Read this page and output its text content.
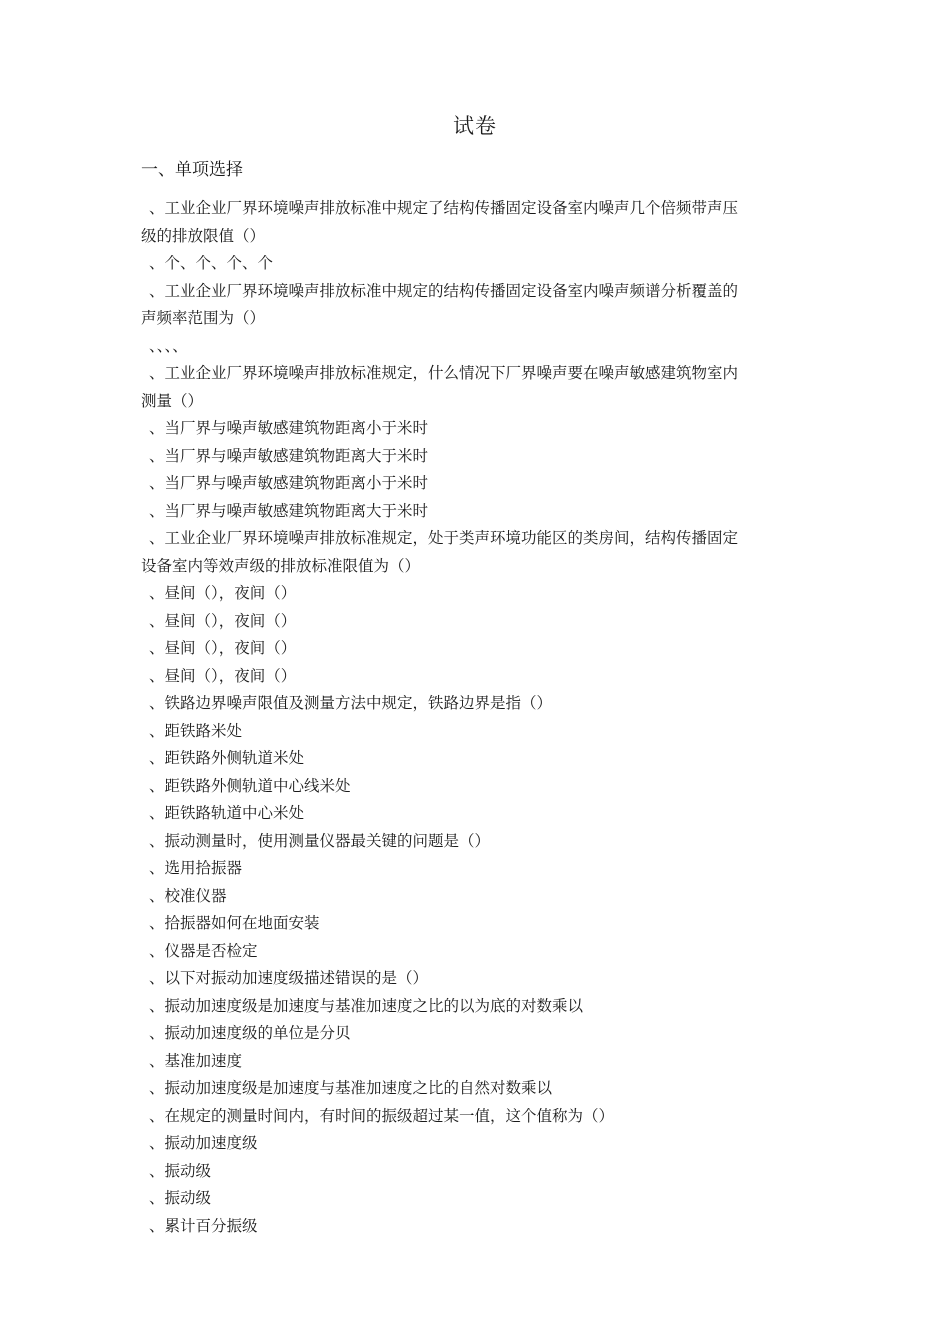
试卷
一、单项选择

、工业企业厂界环境噪声排放标准中规定了结构传播固定设备室内噪声几个倍频带声压

级的排放限值（）

、个、个、个、个

、工业企业厂界环境噪声排放标准中规定的结构传播固定设备室内噪声频谱分析覆盖的

声频率范围为（）

、、、、

、工业企业厂界环境噪声排放标准规定，什么情况下厂界噪声要在噪声敏感建筑物室内

测量（）

、当厂界与噪声敏感建筑物距离小于米时

、当厂界与噪声敏感建筑物距离大于米时

、当厂界与噪声敏感建筑物距离小于米时

、当厂界与噪声敏感建筑物距离大于米时

、工业企业厂界环境噪声排放标准规定，处于类声环境功能区的类房间，结构传播固定

设备室内等效声级的排放标准限值为（）

、昼间（），夜间（）

、昼间（），夜间（）

、昼间（），夜间（）

、昼间（），夜间（）

、铁路边界噪声限值及测量方法中规定，铁路边界是指（）

、距铁路米处

、距铁路外侧轨道米处

、距铁路外侧轨道中心线米处

、距铁路轨道中心米处

、振动测量时，使用测量仪器最关键的问题是（）

、选用拾振器

、校准仪器

、拾振器如何在地面安装

、仪器是否检定

、以下对振动加速度级描述错误的是（）

、振动加速度级是加速度与基准加速度之比的以为底的对数乘以

、振动加速度级的单位是分贝

、基准加速度

、振动加速度级是加速度与基准加速度之比的自然对数乘以

、在规定的测量时间内，有时间的振级超过某一值，这个值称为（）

、振动加速度级

、振动级

、振动级

、累计百分振级
